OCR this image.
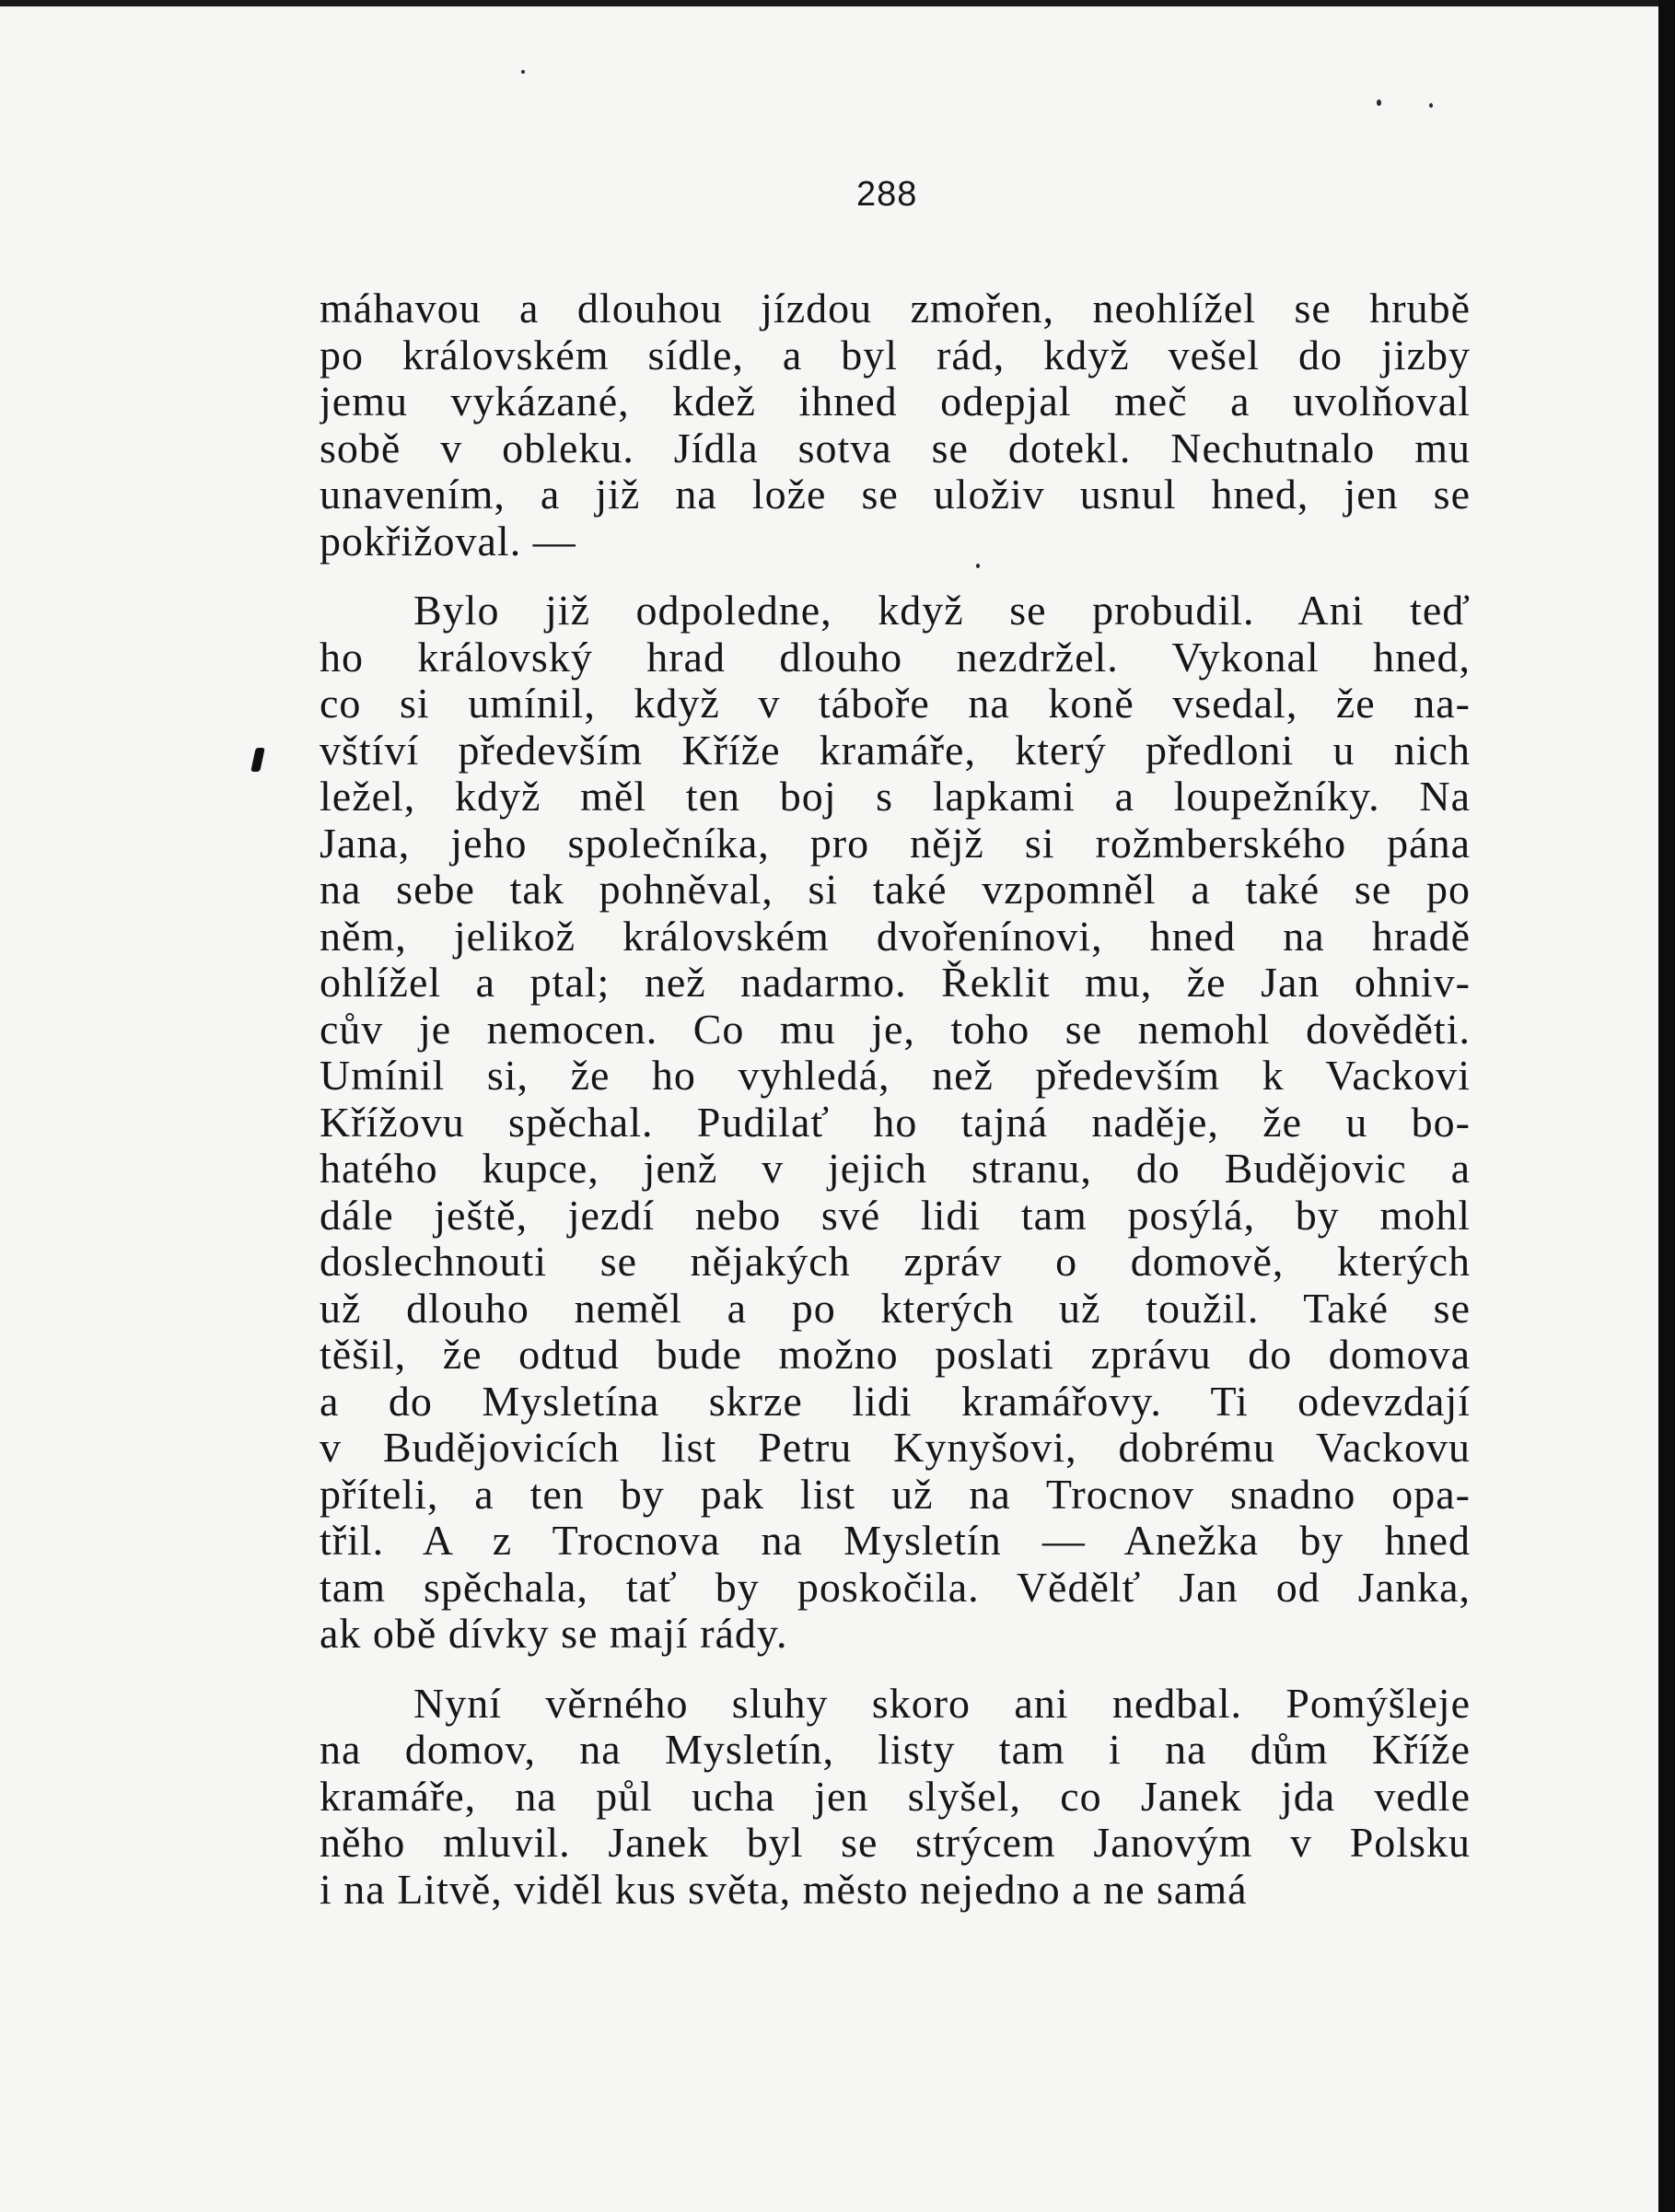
288
máhavou a dlouhou jízdou zmořen, neohlížel se hrubě
po královském sídle, a byl rád, když vešel do jizby
jemu vykázané, kdež ihned odepjal meč a uvolňoval
sobě v obleku. Jídla sotva se dotekl. Nechutnalo mu
unavením, a již na lože se uloživ usnul hned, jen se
pokřižoval. —
Bylo již odpoledne, když se probudil. Ani teď
ho královský hrad dlouho nezdržel. Vykonal hned,
co si umínil, když v táboře na koně vsedal, že na-
vštíví především Kříže kramáře, který předloni u nich
ležel, když měl ten boj s lapkami a loupežníky. Na
Jana, jeho společníka, pro nějž si rožmberského pána
na sebe tak pohněval, si také vzpomněl a také se po
něm, jelikož královském dvořenínovi, hned na hradě
ohlížel a ptal; než nadarmo. Řeklit mu, že Jan ohniv-
cův je nemocen. Co mu je, toho se nemohl dověděti.
Umínil si, že ho vyhledá, než především k Vackovi
Křížovu spěchal. Pudilať ho tajná naděje, že u bo-
hatého kupce, jenž v jejich stranu, do Budějovic a
dále ještě, jezdí nebo své lidi tam posýlá, by mohl
doslechnouti se nějakých zpráv o domově, kterých
už dlouho neměl a po kterých už toužil. Také se
těšil, že odtud bude možno poslati zprávu do domova
a do Mysletína skrze lidi kramářovy. Ti odevzdají
v Budějovicích list Petru Kynyšovi, dobrému Vackovu
příteli, a ten by pak list už na Trocnov snadno opa-
třil. A z Trocnova na Mysletín — Anežka by hned
tam spěchala, tať by poskočila. Vědělť Jan od Janka,
ak obě dívky se mají rády.
Nyní věrného sluhy skoro ani nedbal. Pomýšleje
na domov, na Mysletín, listy tam i na dům Kříže
kramáře, na půl ucha jen slyšel, co Janek jda vedle
něho mluvil. Janek byl se strýcem Janovým v Polsku
i na Litvě, viděl kus světa, město nejedno a ne samá
